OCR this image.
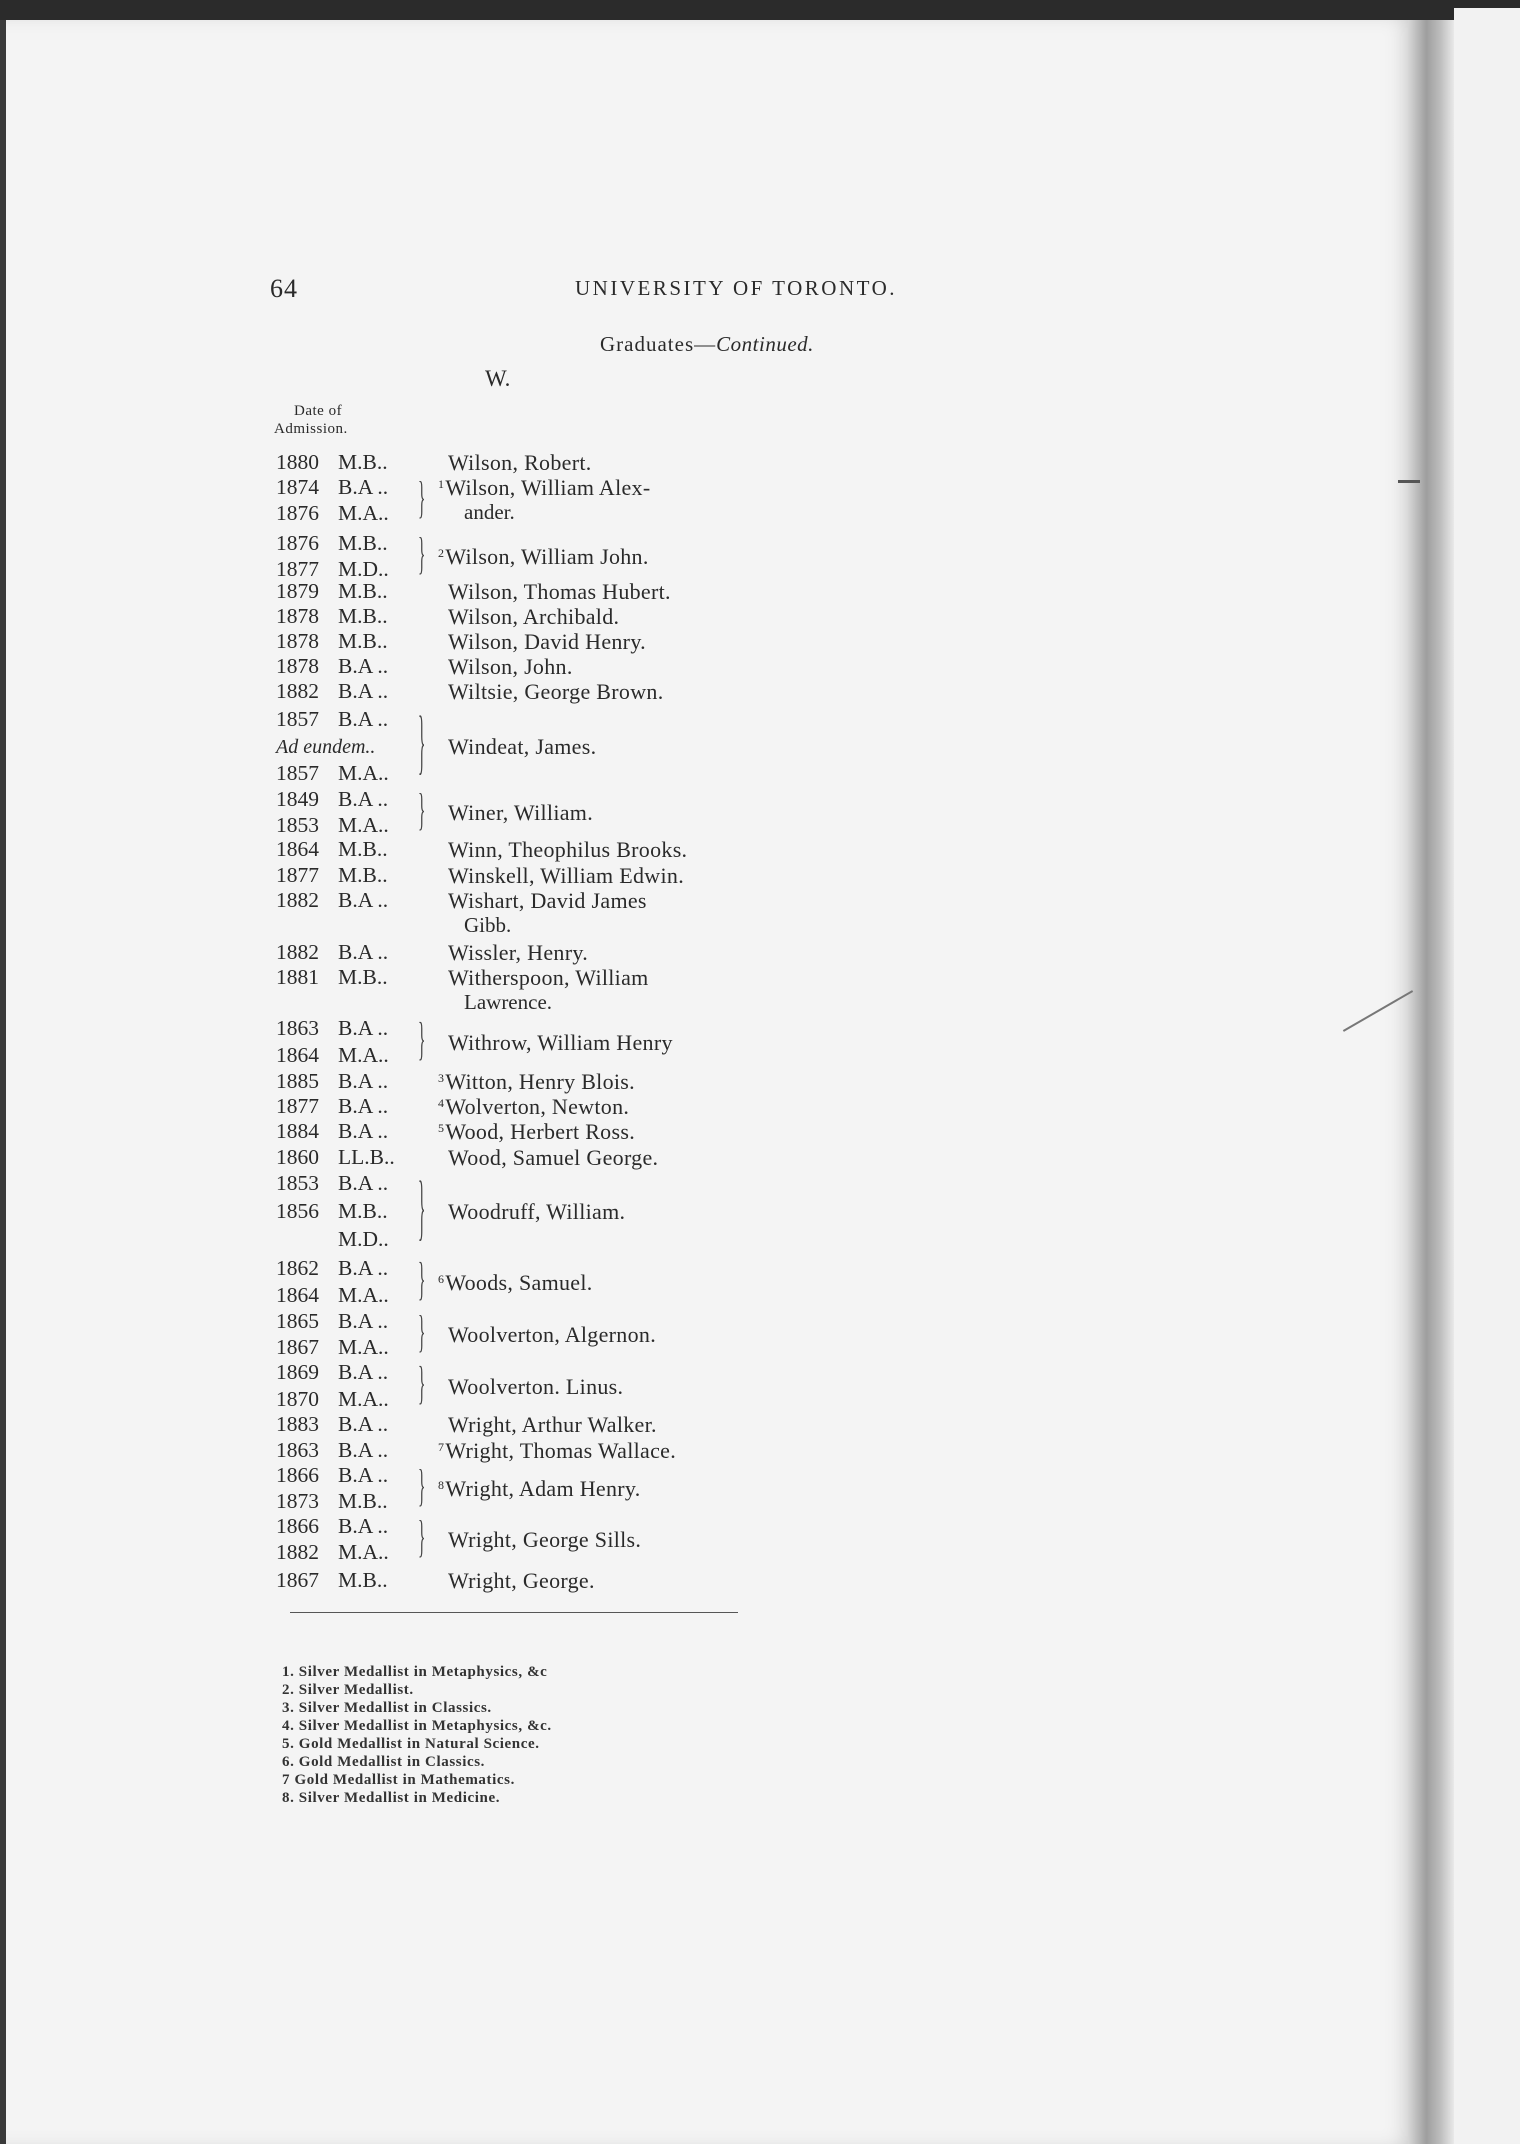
64	UNIVERSITY OF TORONTO.
Graduates—Continued.
W.
Date of
Admission.
1880 M.B..	Wilson, Robert.
1874 B.A ..
1876 M.A.. } $^1$Wilson, William Alex-
ander.
1876 M.B..
1877 M.D.. } $^2$Wilson, William John.
1879 M.B..	Wilson, Thomas Hubert.
1878 M.B..	Wilson, Archibald.
1878 M.B..	Wilson, David Henry.
1878 B.A ..	Wilson, John.
1882 B.A ..	Wiltsie, George Brown.
1857 B.A ..
Ad eundem..
1857 M.A.. } Windeat, James.
1849 B.A ..
1853 M.A.. } Winer, William.
1864 M.B..	Winn, Theophilus Brooks.
1877 M.B..	Winskell, William Edwin.
1882 B.A ..	Wishart, David James
Gibb.
1882 B.A ..	Wissler, Henry.
1881 M.B..	Witherspoon, William
Lawrence.
1863 B.A ..
1864 M.A.. } Withrow, William Henry
1885 B.A ..	$^3$Witton, Henry Blois.
1877 B.A ..	$^4$Wolverton, Newton.
1884 B.A ..	$^5$Wood, Herbert Ross.
1860 LL.B.. Wood, Samuel George.
1853 B.A ..
1856 M.B..
M.D.. } Woodruff, William.
1862 B.A ..
1864 M.A.. } $^6$Woods, Samuel.
1865 B.A ..
1867 M.A.. } Woolverton, Algernon.
1869 B.A ..
1870 M.A.. } Woolverton. Linus.
1883 B.A ..	Wright, Arthur Walker.
1863 B.A ..	$^7$Wright, Thomas Wallace.
1866 B.A ..
1873 M.B.. } $^8$Wright, Adam Henry.
1866 B.A ..
1882 M.A.. } Wright, George Sills.
1867 M.B..	Wright, George.
1. Silver Medallist in Metaphysics, &c
2. Silver Medallist.
3. Silver Medallist in Classics.
4. Silver Medallist in Metaphysics, &c.
5. Gold Medallist in Natural Science.
6. Gold Medallist in Classics.
7 Gold Medallist in Mathematics.
8. Silver Medallist in Medicine.
